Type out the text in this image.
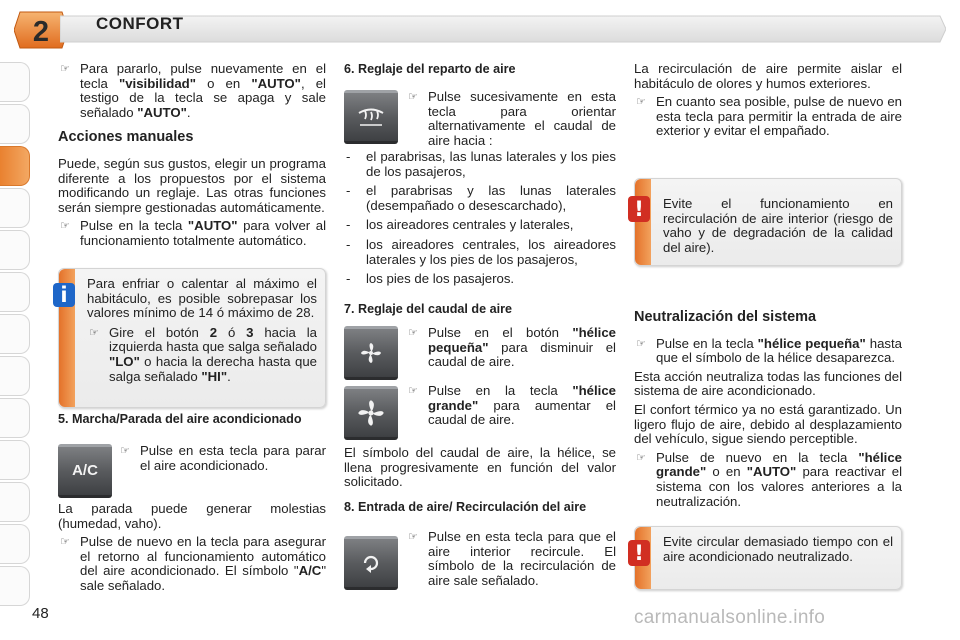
2	CONFORT
☞ Para pararlo, pulse nuevamente en el tecla "visibilidad" o en "AUTO", el testigo de la tecla se apaga y sale señalado "AUTO".
Acciones manuales

Puede, según sus gustos, elegir un programa diferente a los propuestos por el sistema modificando un reglaje. Las otras funciones serán siempre gestionadas automáticamente.

☞ Pulse en la tecla "AUTO" para volver al funcionamiento totalmente automático.

Para enfriar o calentar al máximo el habitáculo, es posible sobrepasar los valores mínimo de 14 ó máximo de 28.

☞ Gire el botón 2 ó 3 hacia la izquierda hasta que salga señalado "LO" o hacia la derecha hasta que salga señalado "HI".
i
5. Marcha/Parada del aire acondicionado
A/C
☞ Pulse en esta tecla para parar el aire acondicionado.

La parada puede generar molestias (humedad, vaho).

☞ Pulse de nuevo en la tecla para asegurar el retorno al funcionamiento automático del aire acondicionado. El símbolo "A/C" sale señalado.
6. Reglaje del reparto de aire
☞ Pulse sucesivamente en esta tecla para orientar alternativamente el caudal de aire hacia :
- el parabrisas, las lunas laterales y los pies de los pasajeros,
- el parabrisas y las lunas laterales (desempañado o desescarchado),
- los aireadores centrales y laterales,
- los aireadores centrales, los aireadores laterales y los pies de los pasajeros,
- los pies de los pasajeros.
7. Reglaje del caudal de aire
☞ Pulse en el botón "hélice pequeña" para disminuir el caudal de aire.
☞ Pulse en la tecla "hélice grande" para aumentar el caudal de aire.

El símbolo del caudal de aire, la hélice, se llena progresivamente en función del valor solicitado.

8. Entrada de aire/ Recirculación del aire
☞ Pulse en esta tecla para que el aire interior recircule. El símbolo de la recirculación de aire sale señalado.

La recirculación de aire permite aislar el habitáculo de olores y humos exteriores.

☞ En cuanto sea posible, pulse de nuevo en esta tecla para permitir la entrada de aire exterior y evitar el empañado.

Evite el funcionamiento en recirculación de aire interior (riesgo de vaho y de degradación de la calidad del aire).

!
Neutralización del sistema
☞ Pulse en la tecla "hélice pequeña" hasta que el símbolo de la hélice desaparezca.

Esta acción neutraliza todas las funciones del sistema de aire acondicionado.

El confort térmico ya no está garantizado. Un ligero flujo de aire, debido al desplazamiento del vehículo, sigue siendo perceptible.

☞ Pulse de nuevo en la tecla "hélice grande" o en "AUTO" para reactivar el sistema con los valores anteriores a la neutralización.

Evite circular demasiado tiempo con el aire acondicionado neutralizado.

!
48	carmanualsonline.info
